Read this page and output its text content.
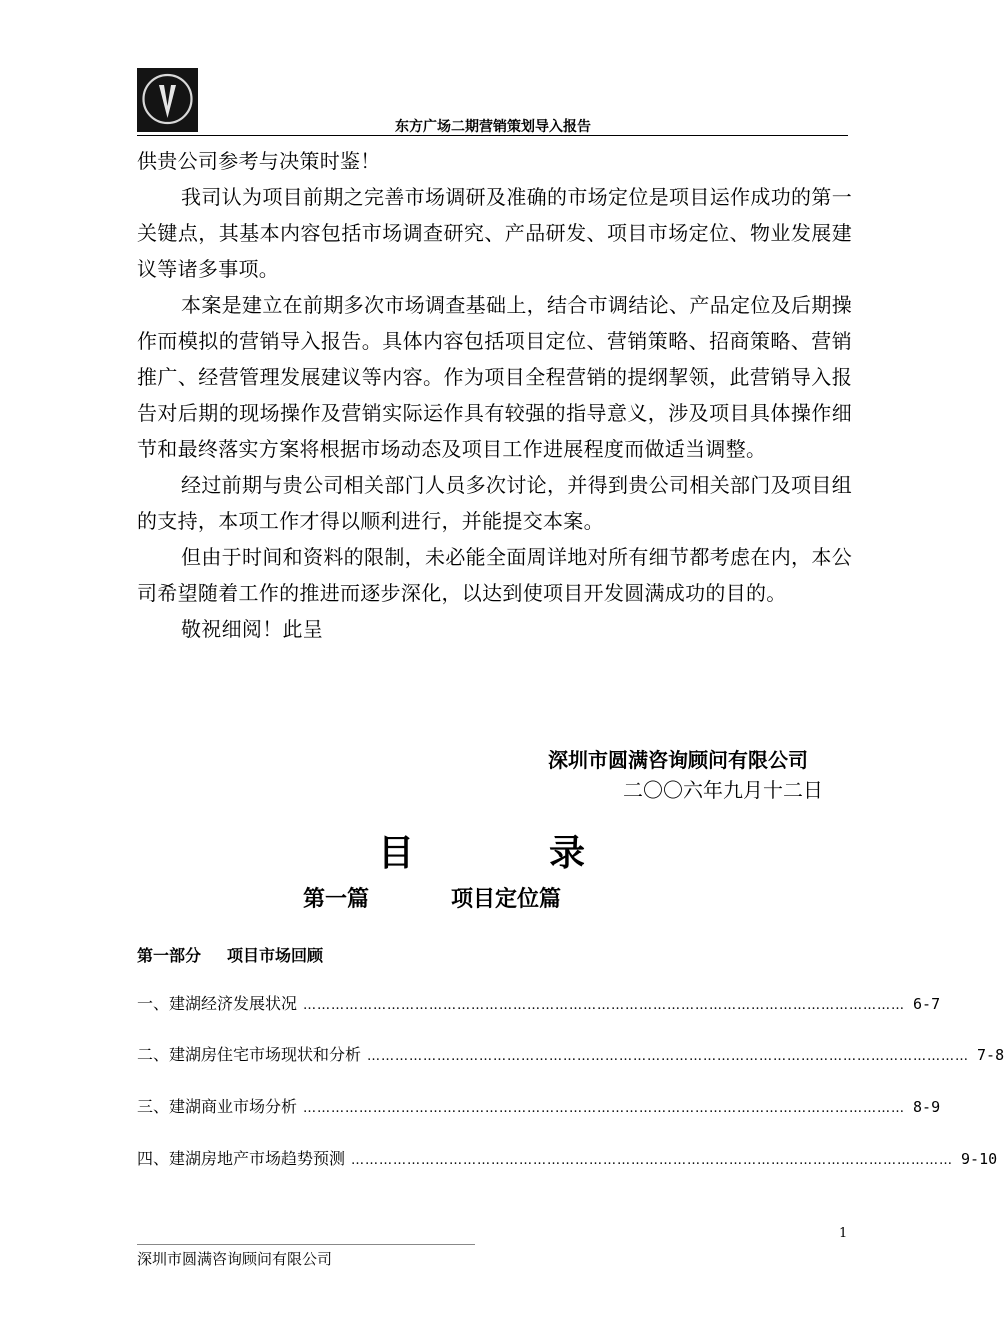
东方广场二期营销策划导入报告

供贵公司参考与决策时鉴！

我司认为项目前期之完善市场调研及准确的市场定位是项目运作成功的第一关键点，其基本内容包括市场调查研究、产品研发、项目市场定位、物业发展建议等诸多事项。

本案是建立在前期多次市场调查基础上，结合市调结论、产品定位及后期操作而模拟的营销导入报告。具体内容包括项目定位、营销策略、招商策略、营销推广、经营管理发展建议等内容。作为项目全程营销的提纲挈领，此营销导入报告对后期的现场操作及营销实际运作具有较强的指导意义，涉及项目具体操作细节和最终落实方案将根据市场动态及项目工作进展程度而做适当调整。

经过前期与贵公司相关部门人员多次讨论，并得到贵公司相关部门及项目组的支持，本项工作才得以顺利进行，并能提交本案。

但由于时间和资料的限制，未必能全面周详地对所有细节都考虑在内，本公司希望随着工作的推进而逐步深化，以达到使项目开发圆满成功的目的。

敬祝细阅！此呈

深圳市圆满咨询顾问有限公司
二〇〇六年九月十二日
目	录
第一篇	项目定位篇
第一部分 项目市场回顾
一、建湖经济发展状况 ………………………………………………………………………………………………………………… 6-7
二、建湖房住宅市场现状和分析 ………………………………………………………………………………………………………………… 7-8
三、建湖商业市场分析 ………………………………………………………………………………………………………………… 8-9
四、建湖房地产市场趋势预测 ………………………………………………………………………………………………………………… 9-10
1
深圳市圆满咨询顾问有限公司
